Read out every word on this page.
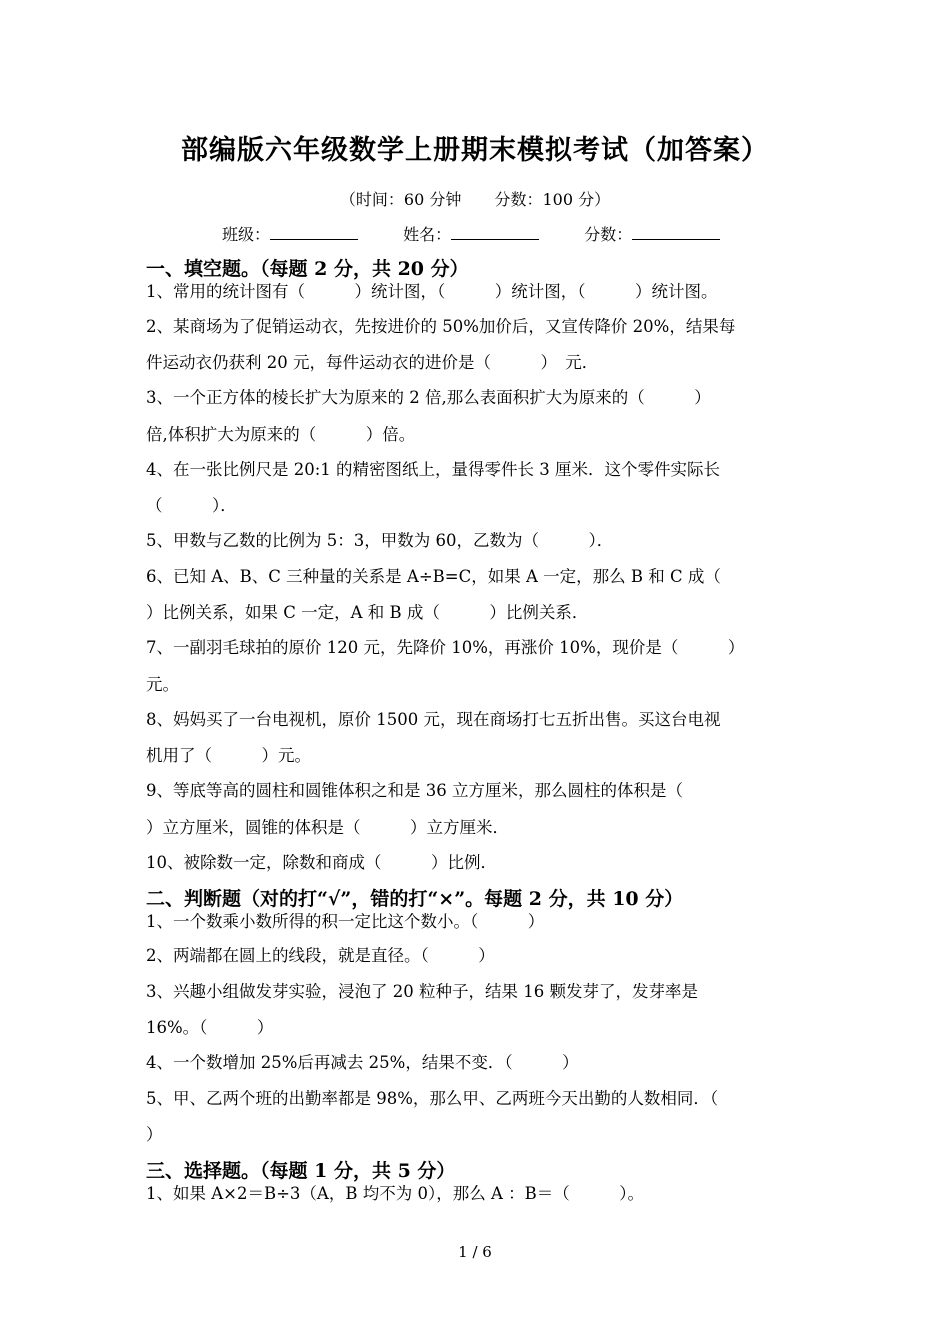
部编版六年级数学上册期末模拟考试（加答案）
（时间：60 分钟 分数：100 分）
班级：	姓名：	分数：
一、填空题。（每题 2 分，共 20 分）
1、常用的统计图有（　　　）统计图，（　　　）统计图，（　　　）统计图。
2、某商场为了促销运动衣，先按进价的 50%加价后，又宣传降价 20%，结果每
件运动衣仍获利 20 元，每件运动衣的进价是（　　　）　元．
3、一个正方体的棱长扩大为原来的 2 倍,那么表面积扩大为原来的（　　　）
倍,体积扩大为原来的（　　　）倍。
4、在一张比例尺是 20:1 的精密图纸上，量得零件长 3 厘米．这个零件实际长
（　　　）．
5、甲数与乙数的比例为 5：3，甲数为 60，乙数为（　　　）．
6、已知 A、B、C 三种量的关系是 A÷B=C，如果 A 一定，那么 B 和 C 成（
）比例关系，如果 C 一定，A 和 B 成（　　　）比例关系．
7、一副羽毛球拍的原价 120 元，先降价 10%，再涨价 10%，现价是（　　　）
元。
8、妈妈买了一台电视机，原价 1500 元，现在商场打七五折出售。买这台电视
机用了（　　　）元。
9、等底等高的圆柱和圆锥体积之和是 36 立方厘米，那么圆柱的体积是（
）立方厘米，圆锥的体积是（　　　）立方厘米．
10、被除数一定，除数和商成（　　　）比例．
二、判断题（对的打“√”，错的打“×”。每题 2 分，共 10 分）
1、一个数乘小数所得的积一定比这个数小。（　　　）
2、两端都在圆上的线段，就是直径。（　　　）
3、兴趣小组做发芽实验，浸泡了 20 粒种子，结果 16 颗发芽了，发芽率是
16%。（　　　）
4、一个数增加 25%后再减去 25%，结果不变．（　　　）
5、甲、乙两个班的出勤率都是 98%，那么甲、乙两班今天出勤的人数相同．（
）
三、选择题。（每题 1 分，共 5 分）
1、如果 A×2＝B÷3（A，B 均不为 0），那么 A ：B＝（　　　）。
1 / 6
